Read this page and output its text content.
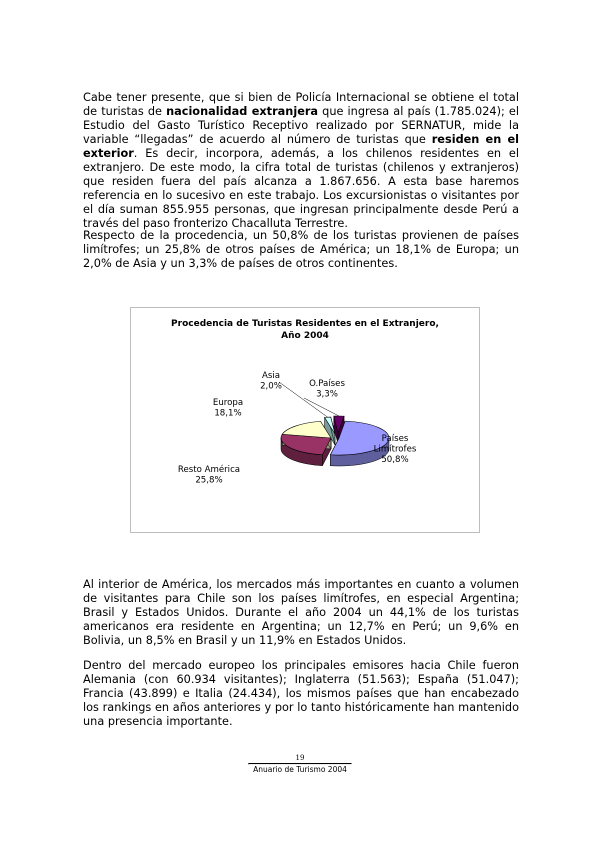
Cabe tener presente, que si bien de Policía Internacional se obtiene el total de turistas de nacionalidad extranjera que ingresa al país (1.785.024); el Estudio del Gasto Turístico Receptivo realizado por SERNATUR, mide la variable “llegadas” de acuerdo al número de turistas que residen en el exterior. Es decir, incorpora, además, a los chilenos residentes en el extranjero. De este modo, la cifra total de turistas (chilenos y extranjeros) que residen fuera del país alcanza a 1.867.656. A esta base haremos referencia en lo sucesivo en este trabajo. Los excursionistas o visitantes por el día suman 855.955 personas, que ingresan principalmente desde Perú a través del paso fronterizo Chacalluta Terrestre.

Respecto de la procedencia, un 50,8% de los turistas provienen de países limítrofes; un 25,8% de otros países de América; un 18,1% de Europa; un 2,0% de Asia y un 3,3% de países de otros continentes.

Procedencia de Turistas Residentes en el Extranjero,
Año 2004
Países
Limítrofes
50,8%
Resto América
25,8%
Europa
18,1%
Asia
2,0%	O.Países
3,3%

Al interior de América, los mercados más importantes en cuanto a volumen de visitantes para Chile son los países limítrofes, en especial Argentina; Brasil y Estados Unidos. Durante el año 2004 un 44,1% de los turistas americanos era residente en Argentina; un 12,7% en Perú; un 9,6% en Bolivia, un 8,5% en Brasil y un 11,9% en Estados Unidos.

Dentro del mercado europeo los principales emisores hacia Chile fueron Alemania (con 60.934 visitantes); Inglaterra (51.563); España (51.047); Francia (43.899) e Italia (24.434), los mismos países que han encabezado los rankings en años anteriores y por lo tanto históricamente han mantenido una presencia importante.

19
Anuario de Turismo 2004
